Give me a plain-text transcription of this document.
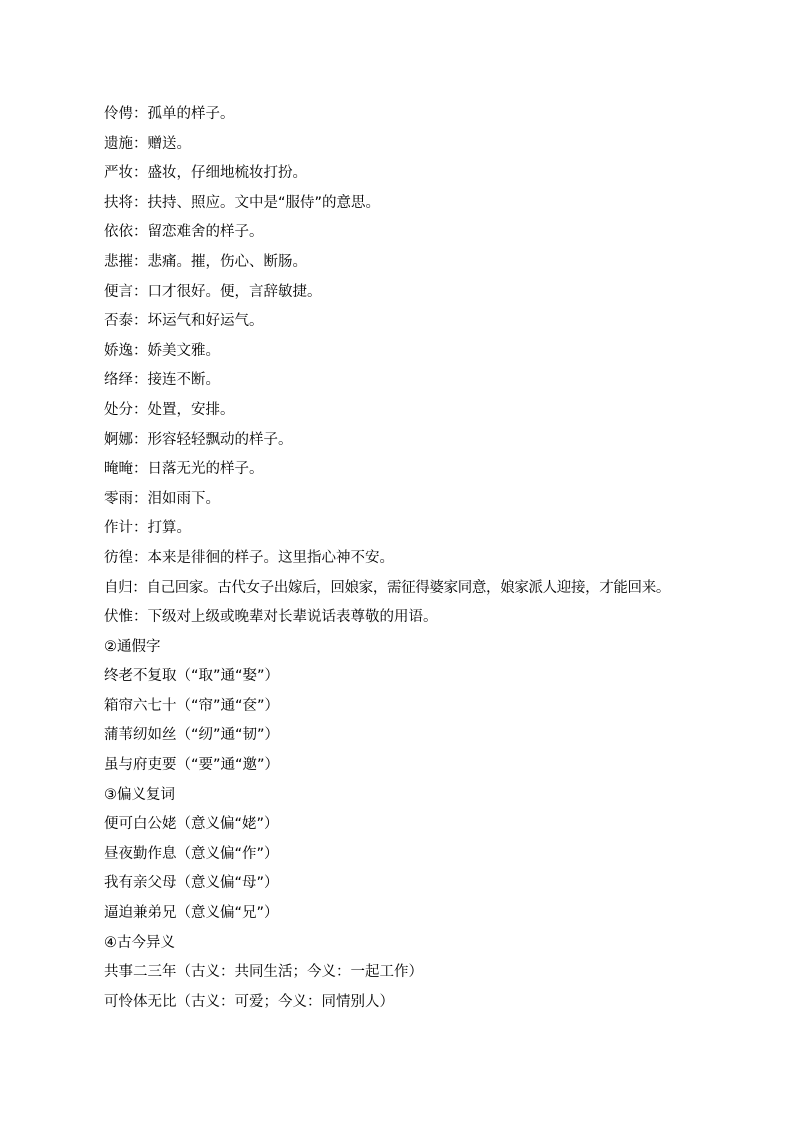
伶俜：孤单的样子。
遗施：赠送。
严妆：盛妆，仔细地梳妆打扮。
扶将：扶持、照应。文中是“服侍”的意思。
依依：留恋难舍的样子。
悲摧：悲痛。摧，伤心、断肠。
便言：口才很好。便，言辞敏捷。
否泰：坏运气和好运气。
娇逸：娇美文雅。
络绎：接连不断。
处分：处置，安排。
婀娜：形容轻轻飘动的样子。
晻晻：日落无光的样子。
零雨：泪如雨下。
作计：打算。
彷徨：本来是徘徊的样子。这里指心神不安。
自归：自己回家。古代女子出嫁后，回娘家，需征得婆家同意，娘家派人迎接，才能回来。
伏惟：下级对上级或晚辈对长辈说话表尊敬的用语。
②通假字
终老不复取（“取”通“娶”）
箱帘六七十（“帘”通“奁”）
蒲苇纫如丝（“纫”通“韧”）
虽与府吏要（“要”通“邀”）
③偏义复词
便可白公姥（意义偏“姥”）
昼夜勤作息（意义偏“作”）
我有亲父母（意义偏“母”）
逼迫兼弟兄（意义偏“兄”）
④古今异义
共事二三年（古义：共同生活；今义：一起工作）
可怜体无比（古义：可爱；今义：同情别人）
